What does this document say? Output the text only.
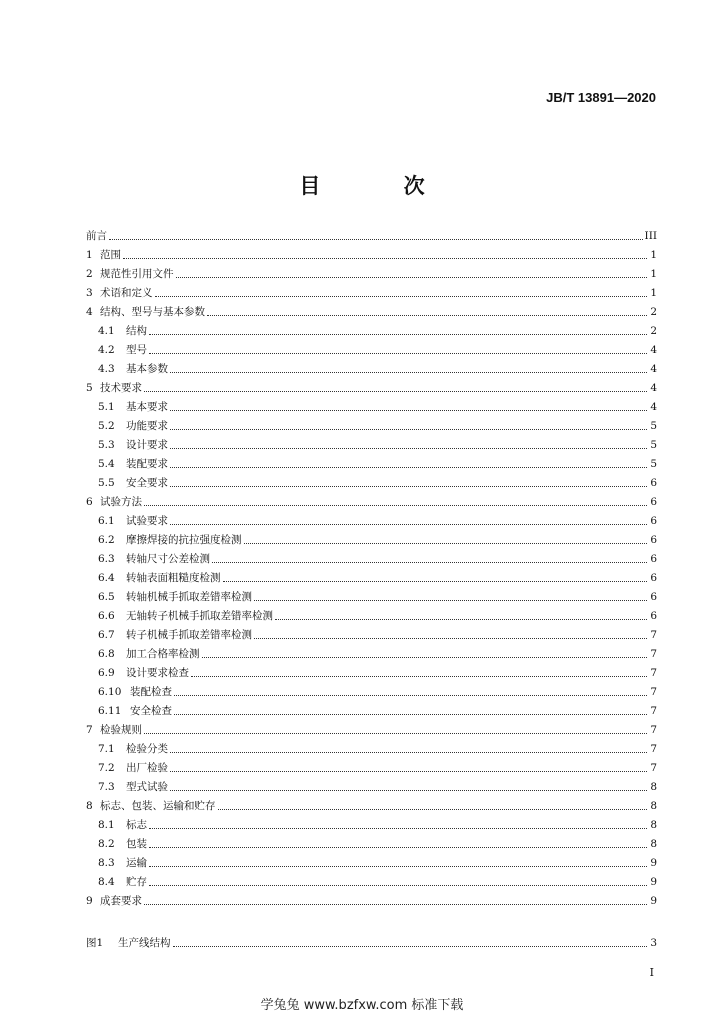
JB/T 13891—2020
目 次
前言	III
1 范围	1
2 规范性引用文件	1
3 术语和定义	1
4 结构、型号与基本参数	2
4.1	结构	2
4.2	型号	4
4.3	基本参数	4
5 技术要求	4
5.1	基本要求	4
5.2	功能要求	5
5.3	设计要求	5
5.4	装配要求	5
5.5	安全要求	6
6 试验方法	6
6.1	试验要求	6
6.2	摩擦焊接的抗拉强度检测	6
6.3	转轴尺寸公差检测	6
6.4	转轴表面粗糙度检测	6
6.5	转轴机械手抓取差错率检测	6
6.6	无轴转子机械手抓取差错率检测	6
6.7	转子机械手抓取差错率检测	7
6.8	加工合格率检测	7
6.9	设计要求检查	7
6.10 装配检查	7
6.11 安全检查	7
7 检验规则	7
7.1	检验分类	7
7.2	出厂检验	7
7.3	型式试验	8
8 标志、包装、运输和贮存	8
8.1	标志	8
8.2	包装	8
8.3	运输	9
8.4	贮存	9
9 成套要求	9
图1	生产线结构	3
I
学兔兔 www.bzfxw.com 标准下载
